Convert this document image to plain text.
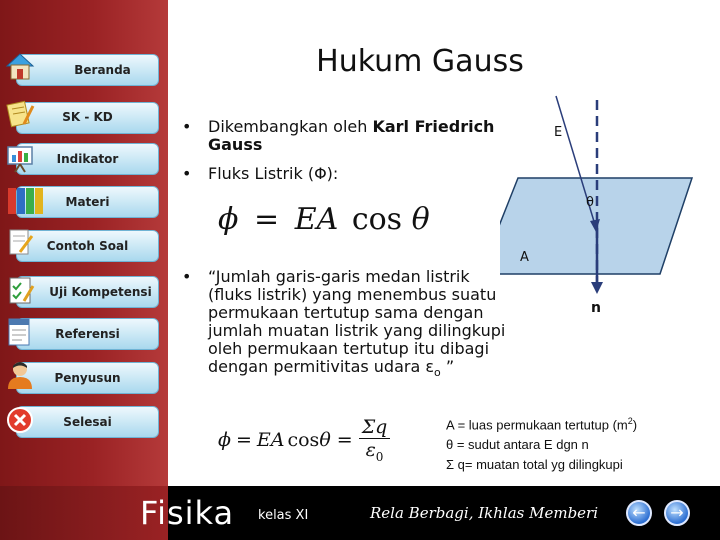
Beranda
SK - KD
Indikator
Materi
Contoh Soal
Uji Kompetensi
Referensi
Penyusun
Selesai
Hukum Gauss
• Dikembangkan oleh Karl Friedrich
Gauss
• Fluks Listrik (Φ):
ϕ = EA cos θ
• “Jumlah garis-garis medan listrik
(fluks listrik) yang menembus suatu
permukaan tertutup sama dengan
jumlah muatan listrik yang dilingkupi
oleh permukaan tertutup itu dibagi
dengan permitivitas udara $\varepsilon_o$ ”
E
θ
A
n
ϕ = EA $\cos \theta = \frac{\Sigma q}{\varepsilon_0}$	A = luas permukaan tertutup $(m^2)$
θ = sudut antara E dgn n
Σ q= muatan total yg dilingkupi
Fisika kelas XI	Rela Berbagi, Ikhlas Memberi	←	→
